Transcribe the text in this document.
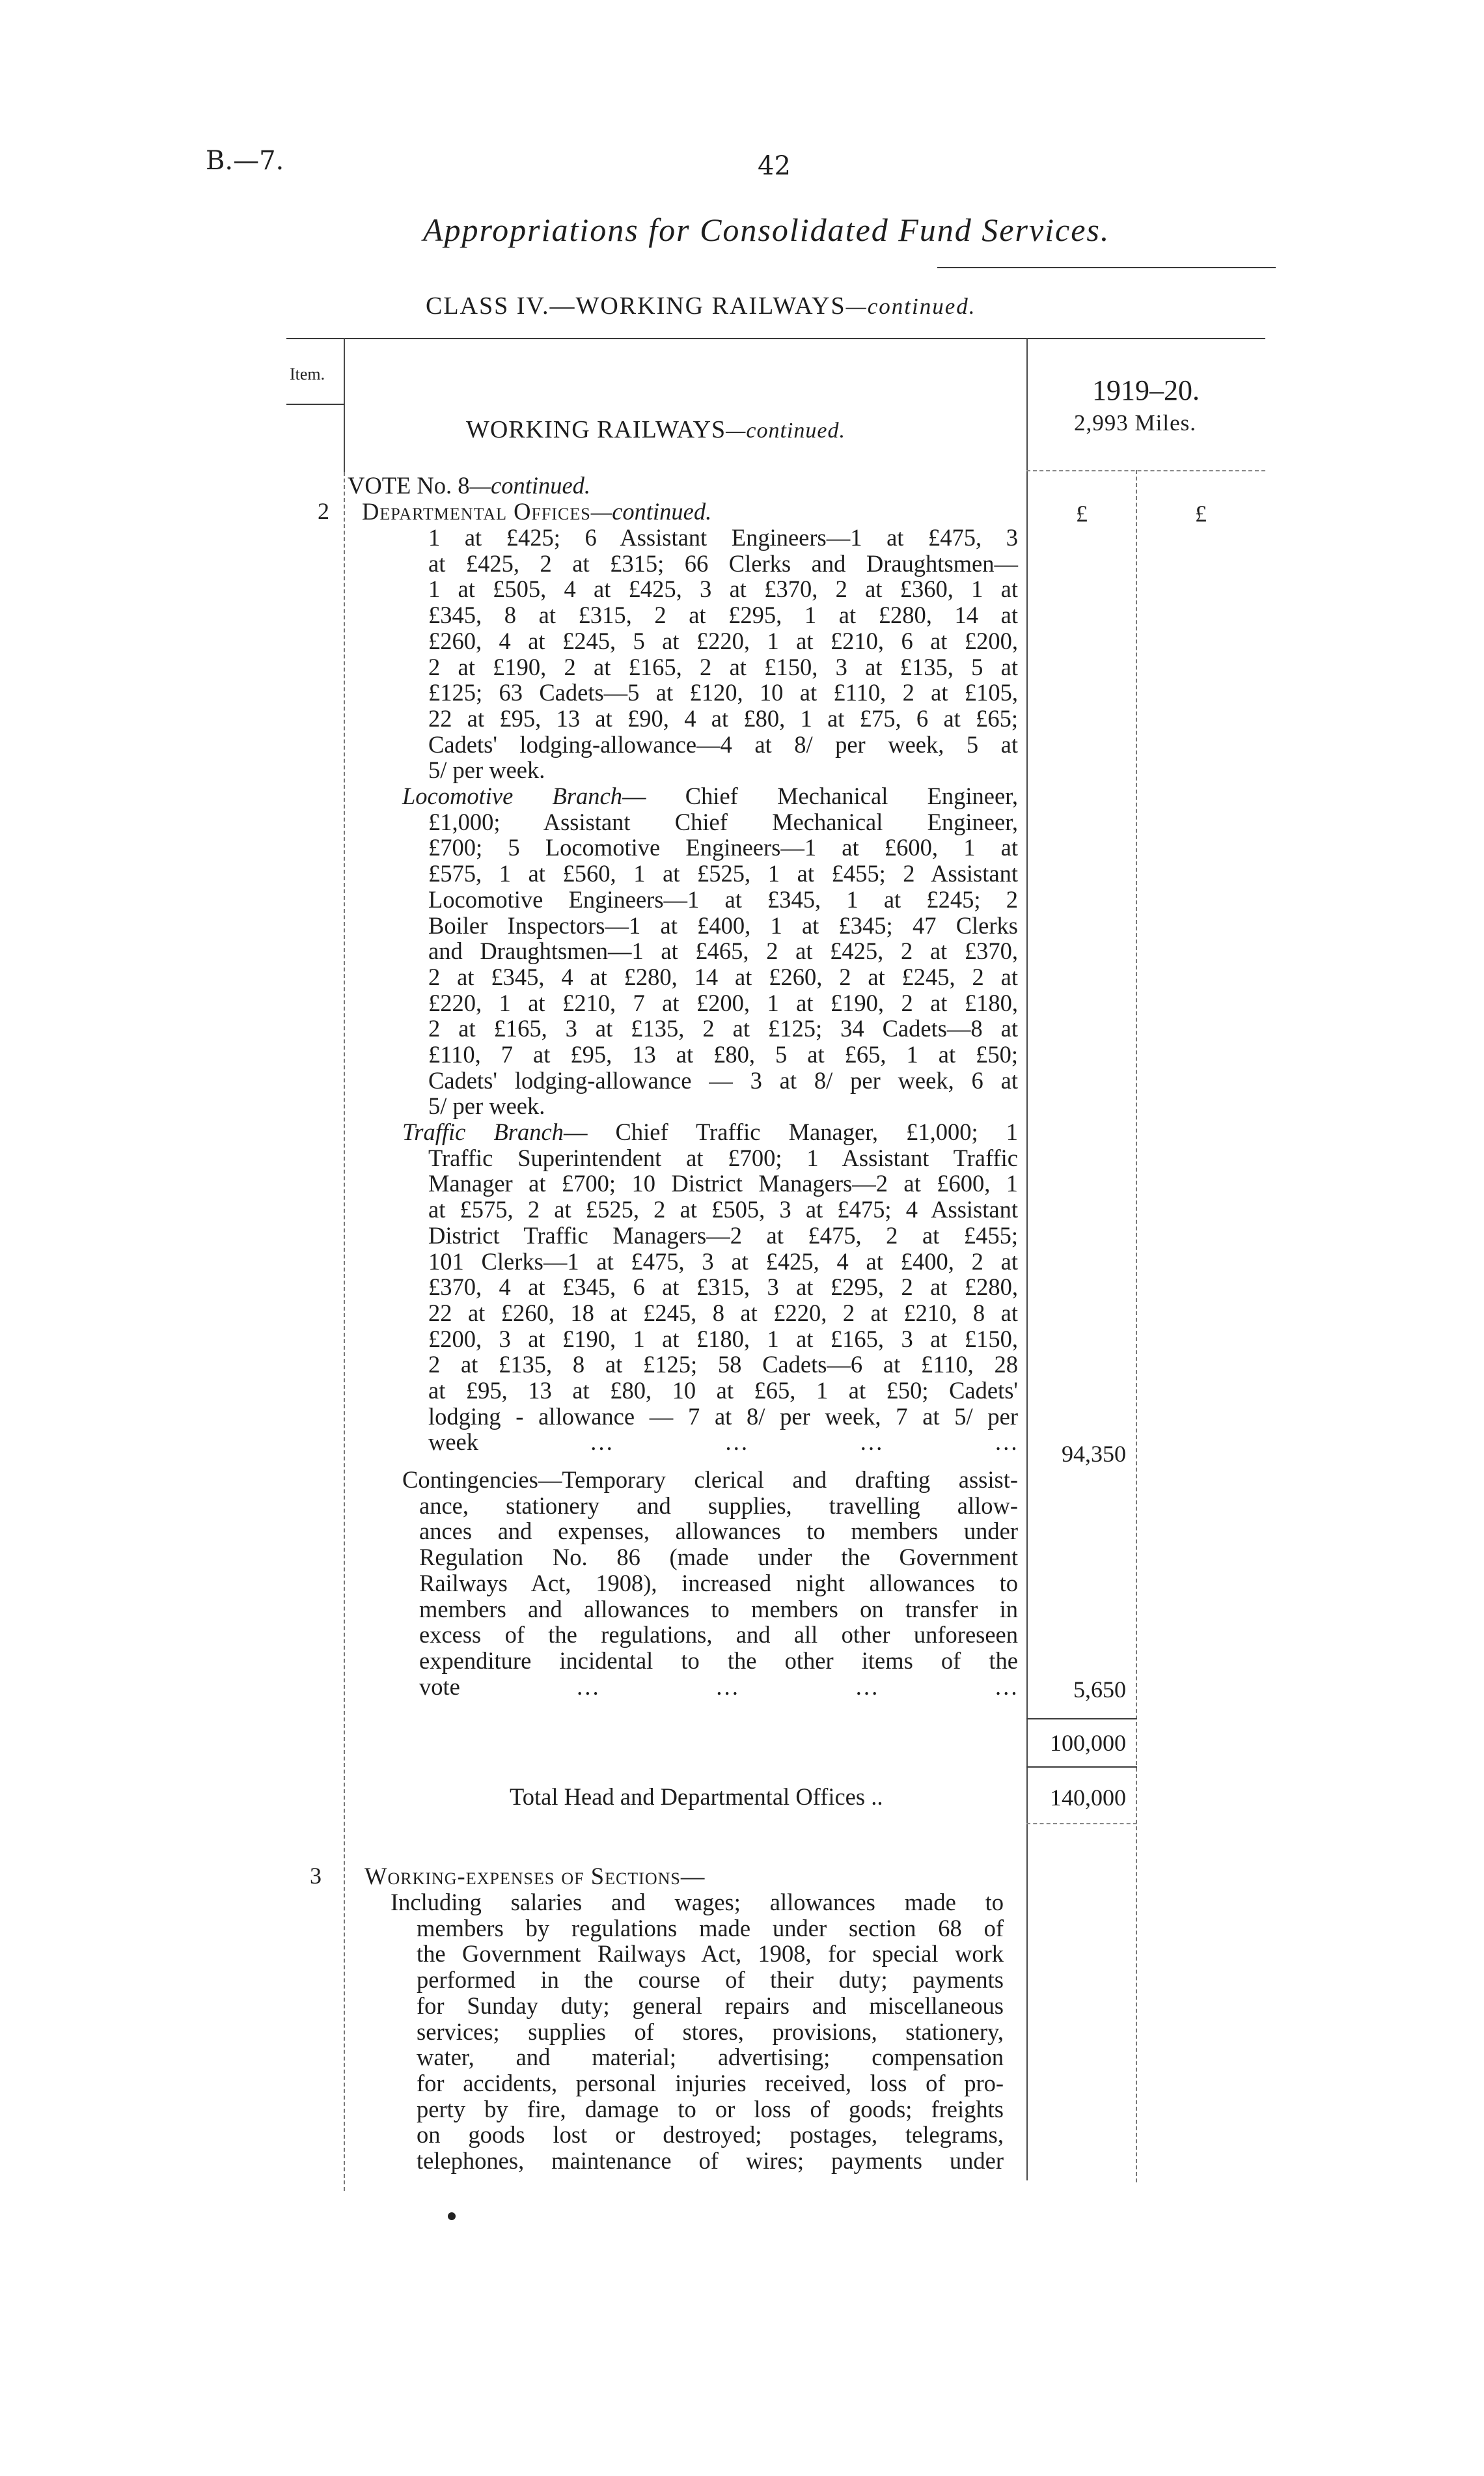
B.—7.	42
Appropriations for Consolidated Fund Services.
CLASS IV.—WORKING RAILWAYS—continued.
Item.
WORKING RAILWAYS—continued.
1919–20.
2,993 Miles.
£	£
VOTE No. 8—continued.
2 Departmental Offices—continued.

1 at £425; 6 Assistant Engineers—1 at £475, 3

at £425, 2 at £315; 66 Clerks and Draughtsmen—

1 at £505, 4 at £425, 3 at £370, 2 at £360, 1 at

£345, 8 at £315, 2 at £295, 1 at £280, 14 at

£260, 4 at £245, 5 at £220, 1 at £210, 6 at £200,

2 at £190, 2 at £165, 2 at £150, 3 at £135, 5 at

£125; 63 Cadets—5 at £120, 10 at £110, 2 at £105,

22 at £95, 13 at £90, 4 at £80, 1 at £75, 6 at £65;

Cadets' lodging-allowance—4 at 8/ per week, 5 at

5/ per week.

Locomotive Branch— Chief Mechanical Engineer,

£1,000; Assistant Chief Mechanical Engineer,

£700; 5 Locomotive Engineers—1 at £600, 1 at

£575, 1 at £560, 1 at £525, 1 at £455; 2 Assistant

Locomotive Engineers—1 at £345, 1 at £245; 2

Boiler Inspectors—1 at £400, 1 at £345; 47 Clerks

and Draughtsmen—1 at £465, 2 at £425, 2 at £370,

2 at £345, 4 at £280, 14 at £260, 2 at £245, 2 at

£220, 1 at £210, 7 at £200, 1 at £190, 2 at £180,

2 at £165, 3 at £135, 2 at £125; 34 Cadets—8 at

£110, 7 at £95, 13 at £80, 5 at £65, 1 at £50;

Cadets' lodging-allowance — 3 at 8/ per week, 6 at

5/ per week.

Traffic Branch— Chief Traffic Manager, £1,000; 1

Traffic Superintendent at £700; 1 Assistant Traffic

Manager at £700; 10 District Managers—2 at £600, 1

at £575, 2 at £525, 2 at £505, 3 at £475; 4 Assistant

District Traffic Managers—2 at £475, 2 at £455;

101 Clerks—1 at £475, 3 at £425, 4 at £400, 2 at

£370, 4 at £345, 6 at £315, 3 at £295, 2 at £280,

22 at £260, 18 at £245, 8 at £220, 2 at £210, 8 at

£200, 3 at £190, 1 at £180, 1 at £165, 3 at £150,

2 at £135, 8 at £125; 58 Cadets—6 at £110, 28

at £95, 13 at £80, 10 at £65, 1 at £50; Cadets'

lodging - allowance — 7 at 8/ per week, 7 at 5/ per

week … … … …	94,350

Contingencies—Temporary clerical and drafting assist-

ance, stationery and supplies, travelling allow-

ances and expenses, allowances to members under

Regulation No. 86 (made under the Government

Railways Act, 1908), increased night allowances to

members and allowances to members on transfer in

excess of the regulations, and all other unforeseen

expenditure incidental to the other items of the

vote … … … …	5,650
100,000
Total Head and Departmental Offices ..	140,000
3 Working-expenses of Sections—

Including salaries and wages; allowances made to

members by regulations made under section 68 of

the Government Railways Act, 1908, for special work

performed in the course of their duty; payments

for Sunday duty; general repairs and miscellaneous

services; supplies of stores, provisions, stationery,

water, and material; advertising; compensation

for accidents, personal injuries received, loss of pro-

perty by fire, damage to or loss of goods; freights

on goods lost or destroyed; postages, telegrams,

telephones, maintenance of wires; payments under
